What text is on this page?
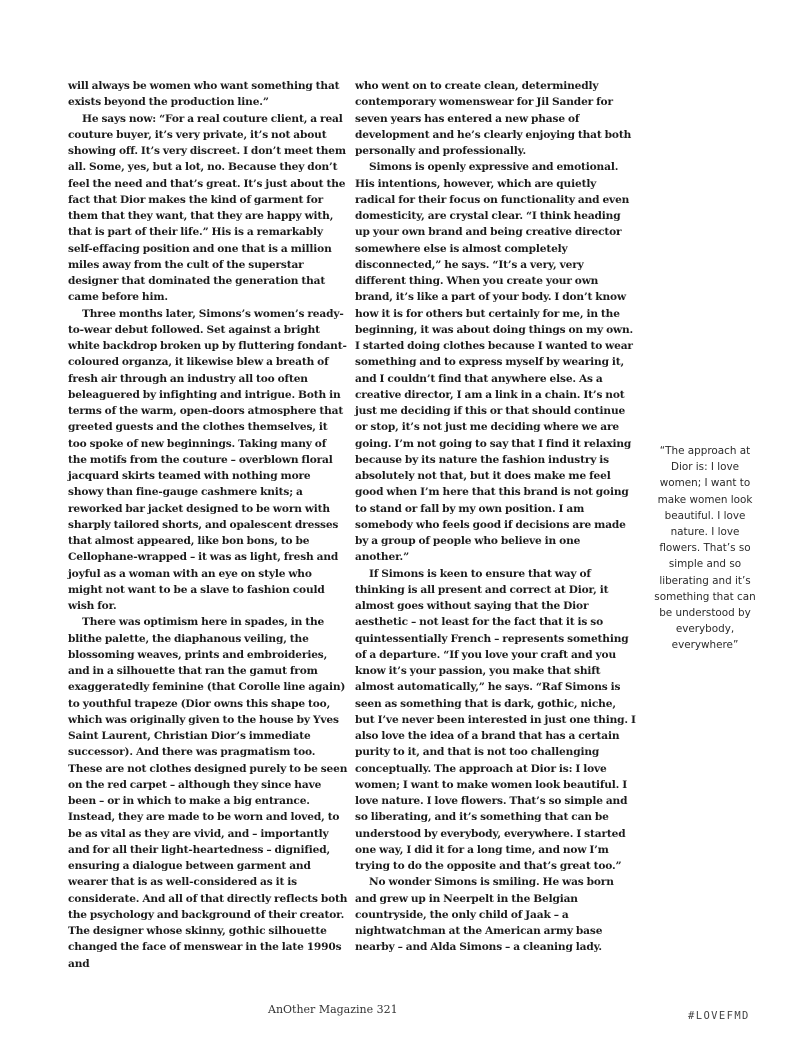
will always be women who want something that exists beyond the production line.”

He says now: “For a real couture client, a real couture buyer, it’s very private, it’s not about showing off. It’s very discreet. I don’t meet them all. Some, yes, but a lot, no. Because they don’t feel the need and that’s great. It’s just about the fact that Dior makes the kind of garment for them that they want, that they are happy with, that is part of their life.” His is a remarkably self-effacing position and one that is a million miles away from the cult of the superstar designer that dominated the generation that came before him.

Three months later, Simons’s women’s ready-to-wear debut followed. Set against a bright white backdrop broken up by fluttering fondant-coloured organza, it likewise blew a breath of fresh air through an industry all too often beleaguered by infighting and intrigue. Both in terms of the warm, open-doors atmosphere that greeted guests and the clothes themselves, it too spoke of new beginnings. Taking many of the motifs from the couture – overblown floral jacquard skirts teamed with nothing more showy than fine-gauge cashmere knits; a reworked bar jacket designed to be worn with sharply tailored shorts, and opalescent dresses that almost appeared, like bon bons, to be Cellophane-wrapped – it was as light, fresh and joyful as a woman with an eye on style who might not want to be a slave to fashion could wish for.

There was optimism here in spades, in the blithe palette, the diaphanous veiling, the blossoming weaves, prints and embroideries, and in a silhouette that ran the gamut from exaggeratedly feminine (that Corolle line again) to youthful trapeze (Dior owns this shape too, which was originally given to the house by Yves Saint Laurent, Christian Dior’s immediate successor). And there was pragmatism too. These are not clothes designed purely to be seen on the red carpet – although they since have been – or in which to make a big entrance. Instead, they are made to be worn and loved, to be as vital as they are vivid, and – importantly and for all their light-heartedness – dignified, ensuring a dialogue between garment and wearer that is as well-considered as it is considerate. And all of that directly reflects both the psychology and background of their creator. The designer whose skinny, gothic silhouette changed the face of menswear in the late 1990s and

who went on to create clean, determinedly contemporary womenswear for Jil Sander for seven years has entered a new phase of development and he’s clearly enjoying that both personally and professionally.

Simons is openly expressive and emotional. His intentions, however, which are quietly radical for their focus on functionality and even domesticity, are crystal clear. “I think heading up your own brand and being creative director somewhere else is almost completely disconnected,” he says. “It’s a very, very different thing. When you create your own brand, it’s like a part of your body. I don’t know how it is for others but certainly for me, in the beginning, it was about doing things on my own. I started doing clothes because I wanted to wear something and to express myself by wearing it, and I couldn’t find that anywhere else. As a creative director, I am a link in a chain. It’s not just me deciding if this or that should continue or stop, it’s not just me deciding where we are going. I’m not going to say that I find it relaxing because by its nature the fashion industry is absolutely not that, but it does make me feel good when I’m here that this brand is not going to stand or fall by my own position. I am somebody who feels good if decisions are made by a group of people who believe in one another.”

If Simons is keen to ensure that way of thinking is all present and correct at Dior, it almost goes without saying that the Dior aesthetic – not least for the fact that it is so quintessentially French – represents something of a departure. “If you love your craft and you know it’s your passion, you make that shift almost automatically,” he says. “Raf Simons is seen as something that is dark, gothic, niche, but I’ve never been interested in just one thing. I also love the idea of a brand that has a certain purity to it, and that is not too challenging conceptually. The approach at Dior is: I love women; I want to make women look beautiful. I love nature. I love flowers. That’s so simple and so liberating, and it’s something that can be understood by everybody, everywhere. I started one way, I did it for a long time, and now I’m trying to do the opposite and that’s great too.”

No wonder Simons is smiling. He was born and grew up in Neerpelt in the Belgian countryside, the only child of Jaak – a nightwatchman at the American army base nearby – and Alda Simons – a cleaning lady.

“The approach at Dior is: I love women; I want to make women look beautiful. I love nature. I love flowers. That’s so simple and so liberating and it’s something that can be understood by everybody, everywhere”
AnOther Magazine 321	#LOVEFMD
